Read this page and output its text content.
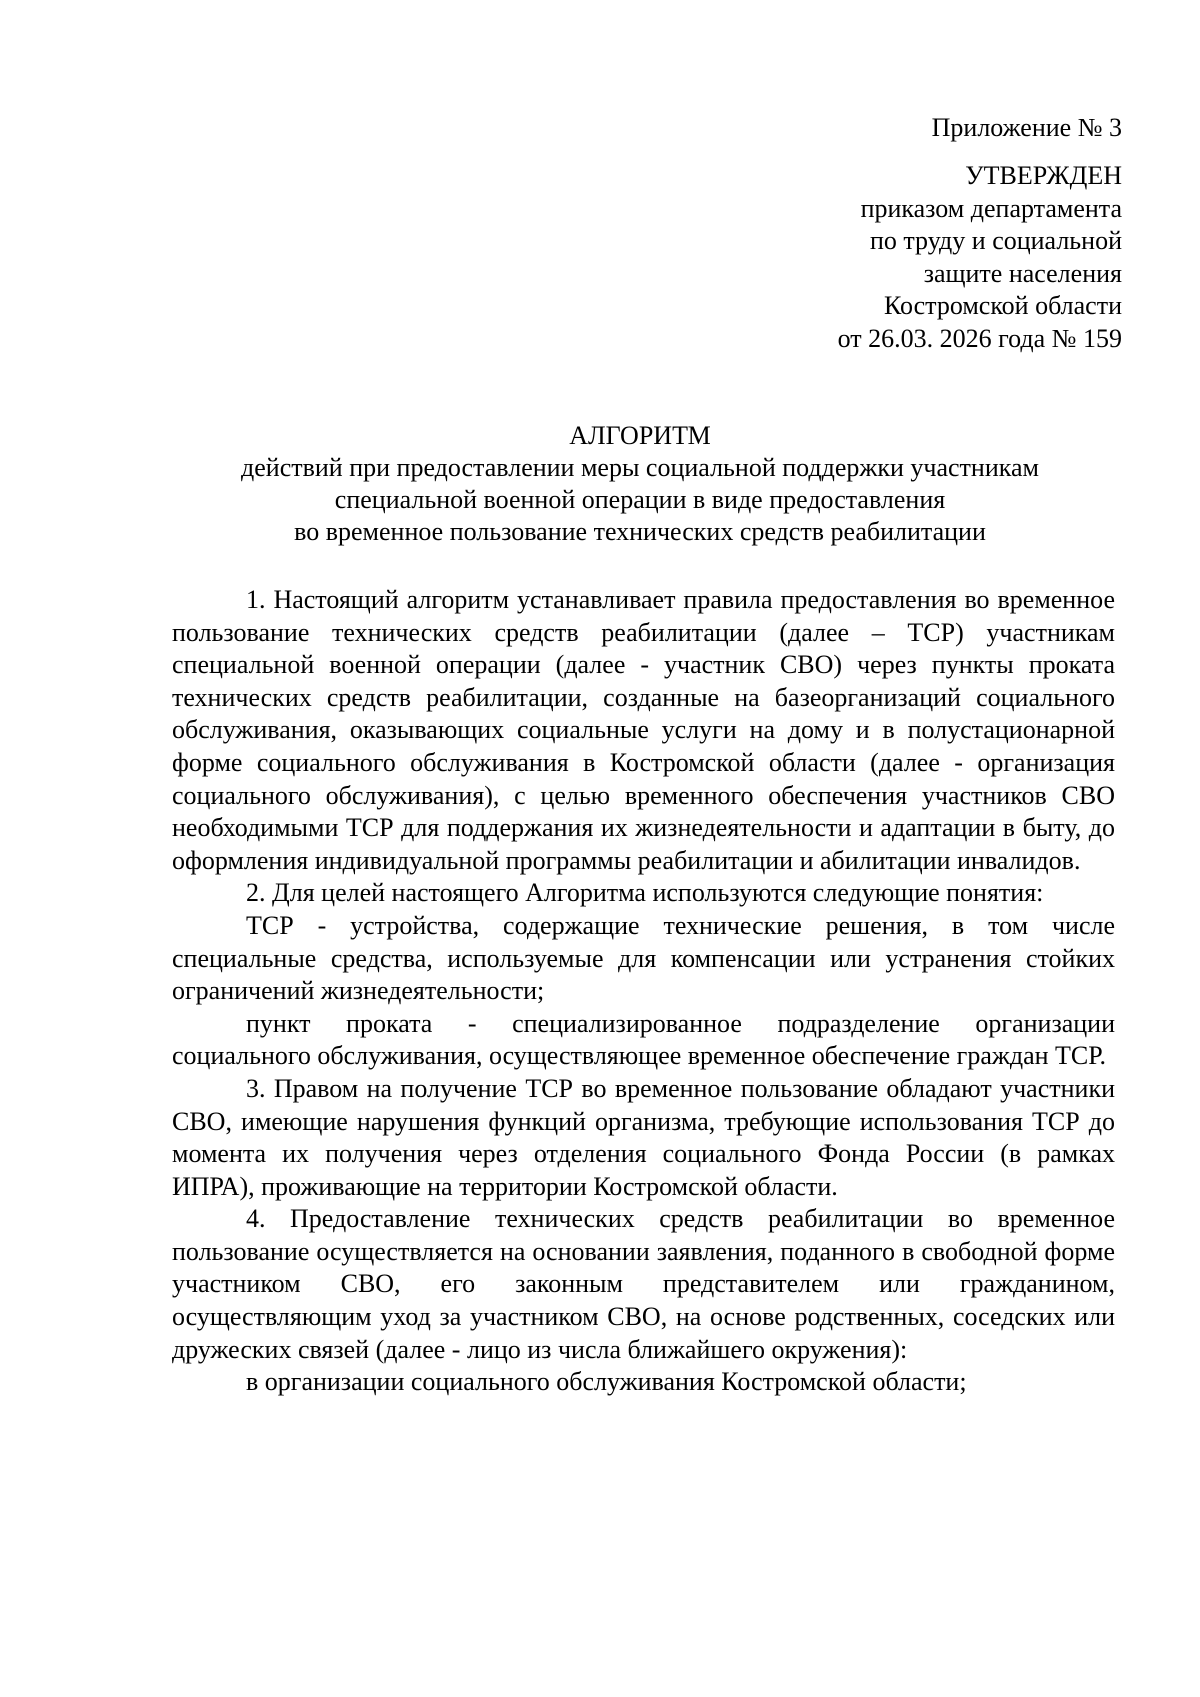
Приложение № 3
УТВЕРЖДЕН
приказом департамента
по труду и социальной
защите населения
Костромской области
от 26.03. 2026 года № 159
АЛГОРИТМ
действий при предоставлении меры социальной поддержки участникам
специальной военной операции в виде предоставления
во временное пользование технических средств реабилитации

1. Настоящий алгоритм устанавливает правила предоставления во временное пользование технических средств реабилитации (далее – ТСР) участникам специальной военной операции (далее - участник СВО) через пункты проката технических средств реабилитации, созданные на базеорганизаций социального обслуживания, оказывающих социальные услуги на дому и в полустационарной форме социального обслуживания в Костромской области (далее - организация социального обслуживания), с целью временного обеспечения участников СВО необходимыми ТСР для поддержания их жизнедеятельности и адаптации в быту, до оформления индивидуальной программы реабилитации и абилитации инвалидов.

2. Для целей настоящего Алгоритма используются следующие понятия:

ТСР - устройства, содержащие технические решения, в том числе специальные средства, используемые для компенсации или устранения стойких ограничений жизнедеятельности;

пункт проката - специализированное подразделение организации социального обслуживания, осуществляющее временное обеспечение граждан ТСР.

3. Правом на получение ТСР во временное пользование обладают участники СВО, имеющие нарушения функций организма, требующие использования ТСР до момента их получения через отделения социального Фонда России (в рамках ИПРА), проживающие на территории Костромской области.

4. Предоставление технических средств реабилитации во временное пользование осуществляется на основании заявления, поданного в свободной форме участником СВО, его законным представителем или гражданином, осуществляющим уход за участником СВО, на основе родственных, соседских или дружеских связей (далее - лицо из числа ближайшего окружения):

в организации социального обслуживания Костромской области;
